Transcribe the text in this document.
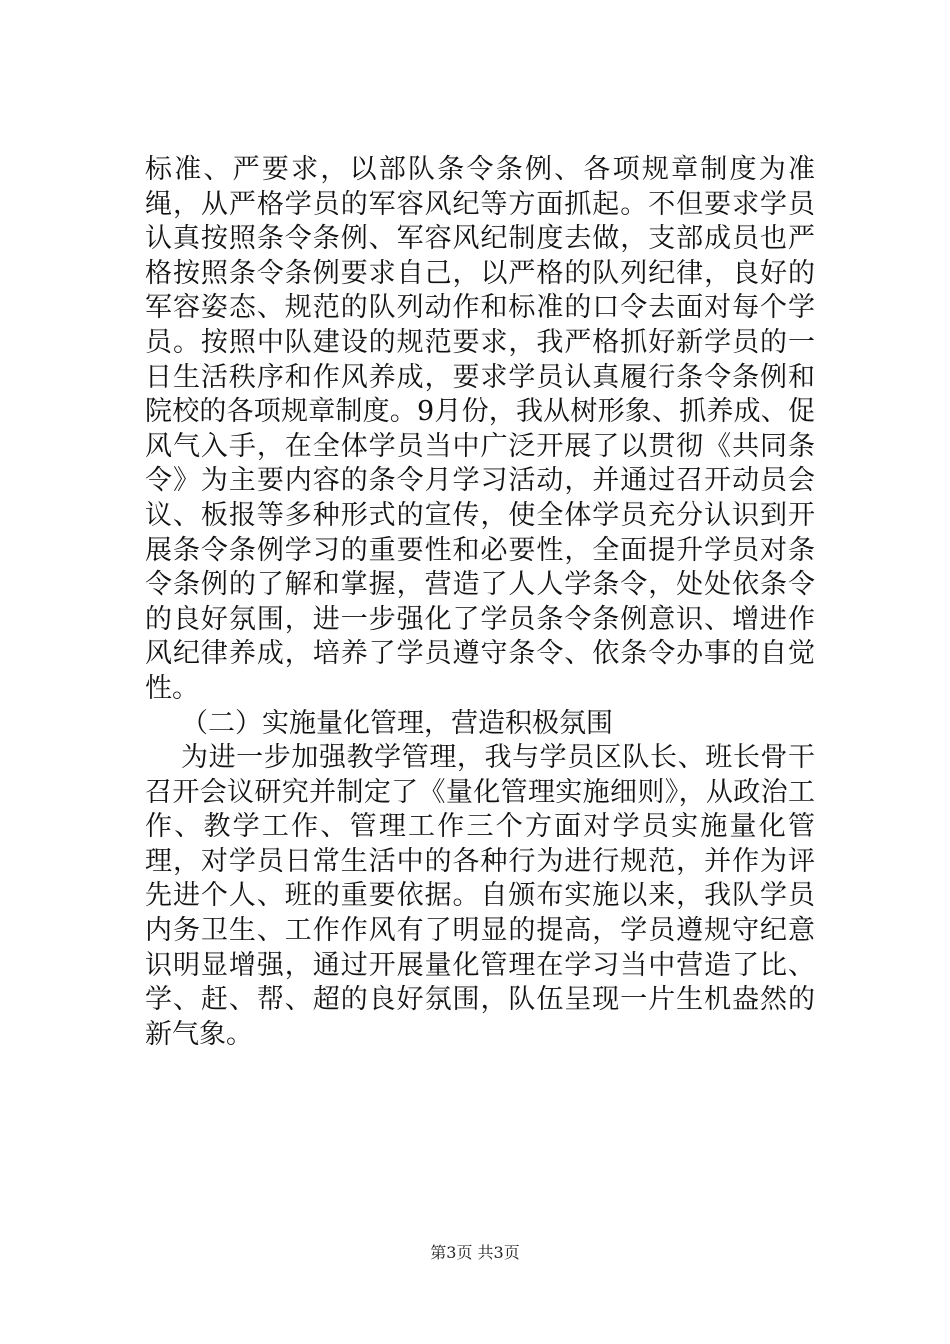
标准、严要求，以部队条令条例、各项规章制度为准绳，从严格学员的军容风纪等方面抓起。不但要求学员认真按照条令条例、军容风纪制度去做，支部成员也严格按照条令条例要求自己，以严格的队列纪律，良好的军容姿态、规范的队列动作和标准的口令去面对每个学员。按照中队建设的规范要求，我严格抓好新学员的一日生活秩序和作风养成，要求学员认真履行条令条例和院校的各项规章制度。9月份，我从树形象、抓养成、促风气入手，在全体学员当中广泛开展了以贯彻《共同条令》为主要内容的条令月学习活动，并通过召开动员会议、板报等多种形式的宣传，使全体学员充分认识到开展条令条例学习的重要性和必要性，全面提升学员对条令条例的了解和掌握，营造了人人学条令，处处依条令的良好氛围，进一步强化了学员条令条例意识、增进作风纪律养成，培养了学员遵守条令、依条令办事的自觉性。

（二）实施量化管理，营造积极氛围

为进一步加强教学管理，我与学员区队长、班长骨干召开会议研究并制定了《量化管理实施细则》，从政治工作、教学工作、管理工作三个方面对学员实施量化管理，对学员日常生活中的各种行为进行规范，并作为评先进个人、班的重要依据。自颁布实施以来，我队学员内务卫生、工作作风有了明显的提高，学员遵规守纪意识明显增强，通过开展量化管理在学习当中营造了比、学、赶、帮、超的良好氛围，队伍呈现一片生机盎然的新气象。

第3页 共3页
